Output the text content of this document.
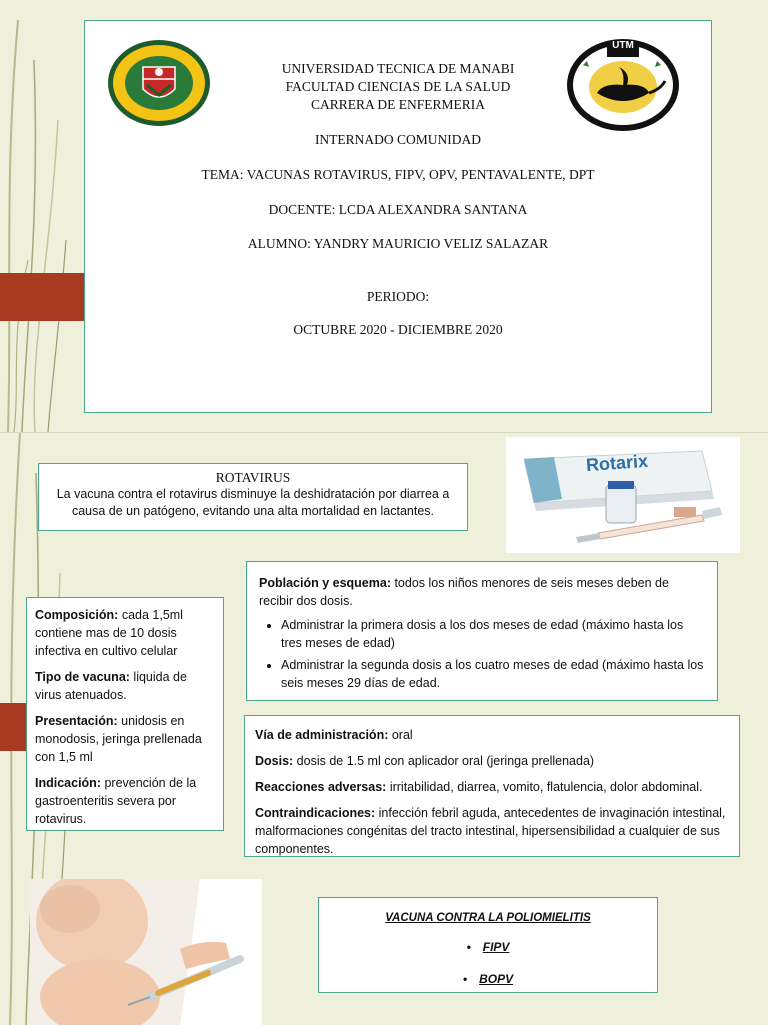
UTM
UNIVERSIDAD TECNICA DE MANABI
FACULTAD CIENCIAS DE LA SALUD
CARRERA DE ENFERMERIA
INTERNADO COMUNIDAD
TEMA: VACUNAS ROTAVIRUS, FIPV, OPV, PENTAVALENTE, DPT
DOCENTE: LCDA ALEXANDRA SANTANA
ALUMNO: YANDRY MAURICIO VELIZ SALAZAR
PERIODO:
OCTUBRE 2020 - DICIEMBRE 2020
ROTAVIRUS
La vacuna contra el rotavirus disminuye la deshidratación por diarrea a causa de un patógeno, evitando una alta mortalidad en lactantes.
Rotarix

Población y esquema: todos los niños menores de seis meses deben de recibir dos dosis.

• Administrar la primera dosis a los dos meses de edad (máximo hasta los tres meses de edad)
• Administrar la segunda dosis a los cuatro meses de edad (máximo hasta los seis meses 29 días de edad.

Composición: cada 1,5ml contiene mas de 10 dosis infectiva en cultivo celular

Tipo de vacuna: liquida de virus atenuados.

Presentación: unidosis en monodosis, jeringa prellenada con 1,5 ml

Indicación: prevención de la gastroenteritis severa por rotavirus.

Vía de administración: oral

Dosis: dosis de 1.5 ml con aplicador oral (jeringa prellenada)

Reacciones adversas: irritabilidad, diarrea, vomito, flatulencia, dolor abdominal.

Contraindicaciones: infección febril aguda, antecedentes de invaginación intestinal, malformaciones congénitas del tracto intestinal, hipersensibilidad a cualquier de sus componentes.

VACUNA CONTRA LA POLIOMIELITIS
• FIPV
• BOPV
